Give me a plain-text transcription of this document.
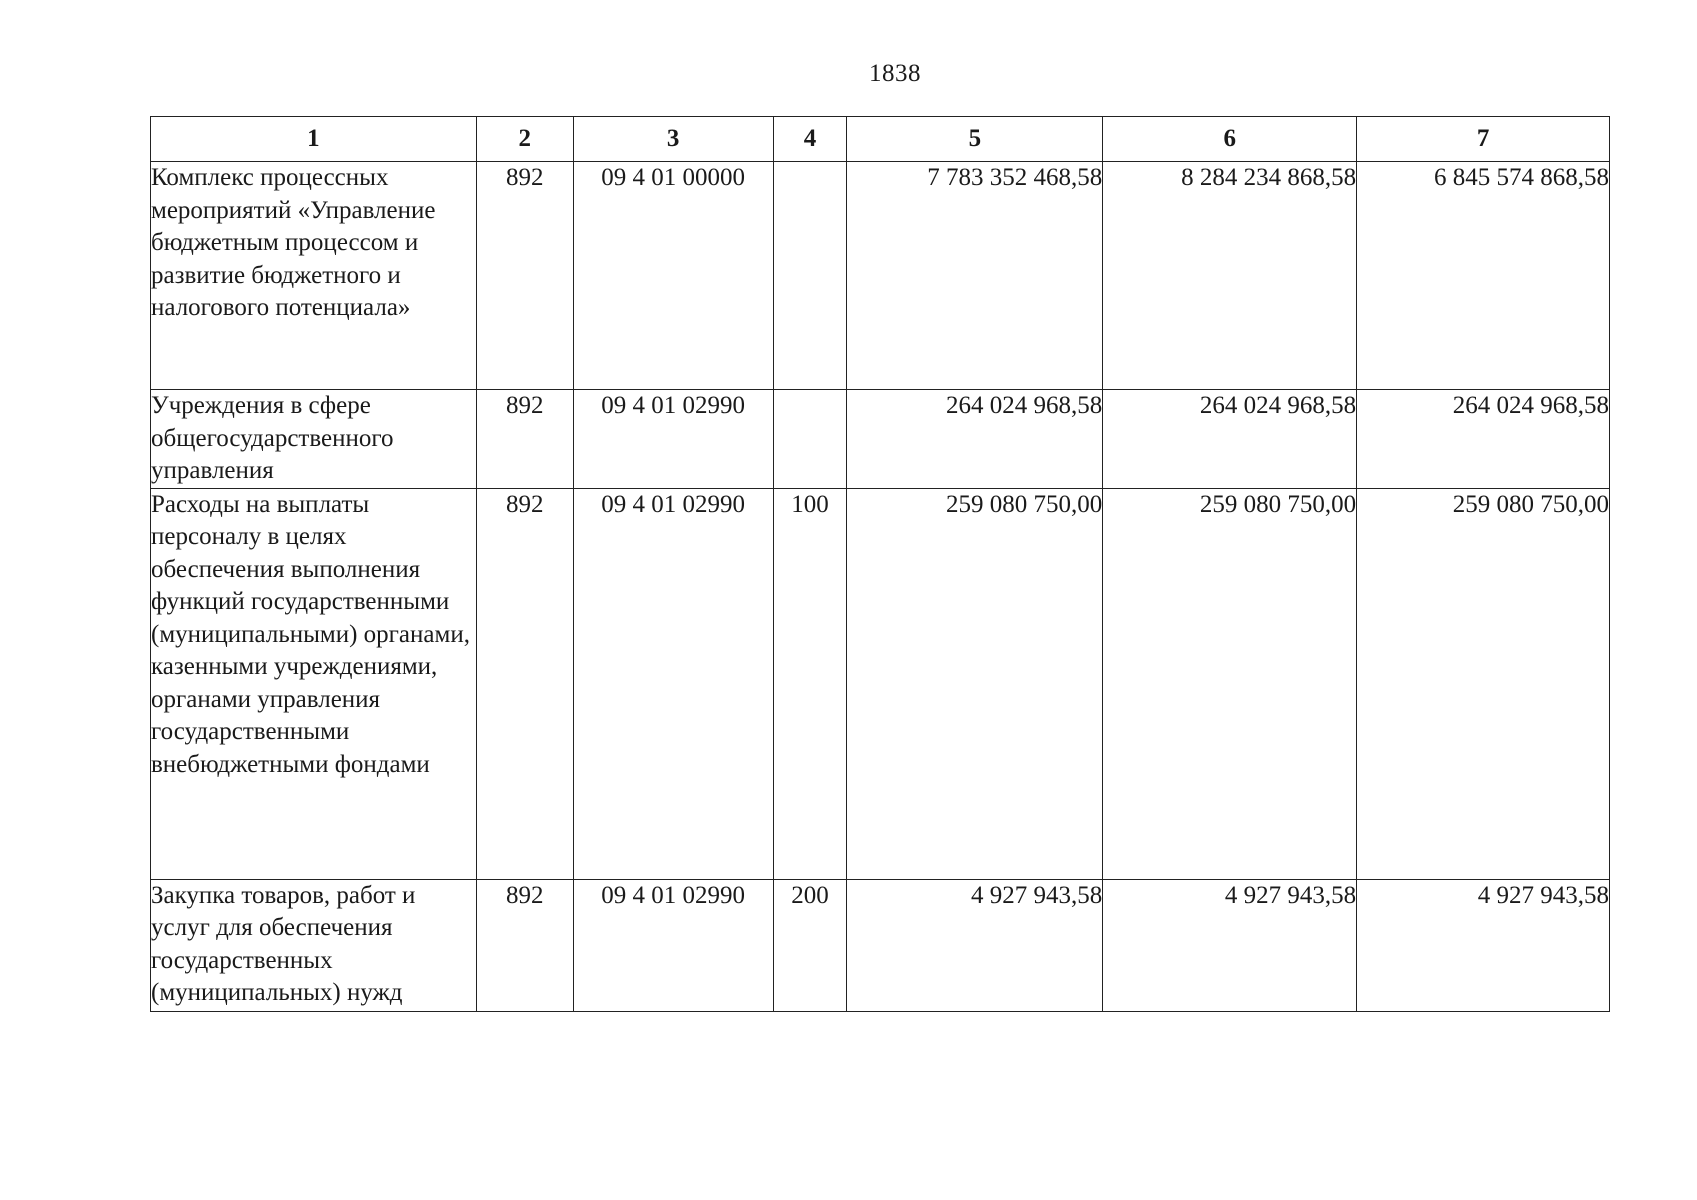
1838
1	2	3	4	5	6	7
Комплекс процессных мероприятий «Управление бюджетным процессом и развитие бюджетного и налогового потенциала»	892	09 4 01 00000		7 783 352 468,58	8 284 234 868,58	6 845 574 868,58
Учреждения в сфере общегосударственного управления	892	09 4 01 02990		264 024 968,58	264 024 968,58	264 024 968,58
Расходы на выплаты персоналу в целях обеспечения выполнения функций государственными (муниципальными) органами, казенными учреждениями, органами управления государственными внебюджетными фондами	892	09 4 01 02990	100	259 080 750,00	259 080 750,00	259 080 750,00
Закупка товаров, работ и услуг для обеспечения государственных (муниципальных) нужд	892	09 4 01 02990	200	4 927 943,58	4 927 943,58	4 927 943,58
